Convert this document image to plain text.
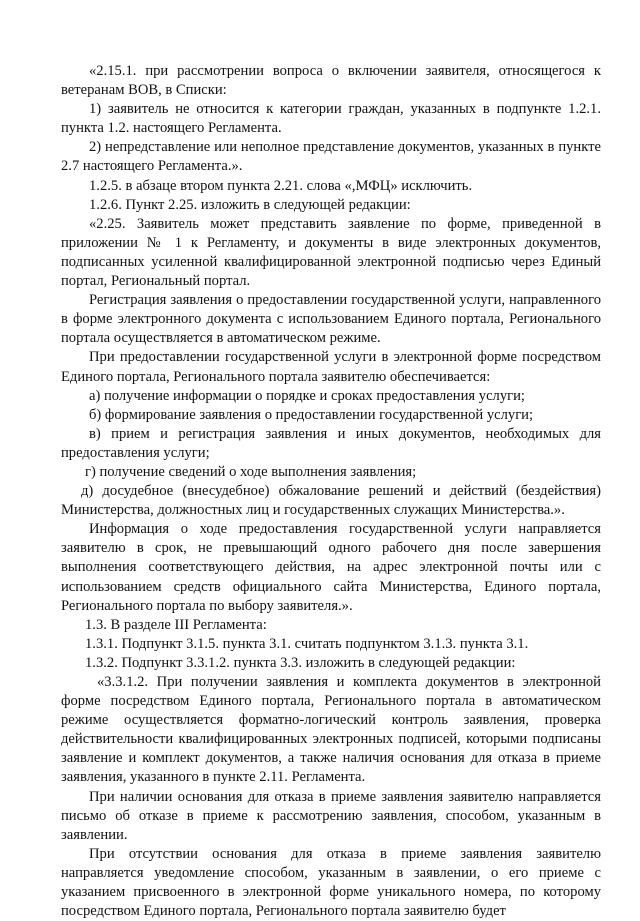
«2.15.1. при рассмотрении вопроса о включении заявителя, относящегося к ветеранам ВОВ, в Списки:

1) заявитель не относится к категории граждан, указанных в подпункте 1.2.1. пункта 1.2. настоящего Регламента.

2) непредставление или неполное представление документов, указанных в пункте 2.7 настоящего Регламента.».

1.2.5. в абзаце втором пункта 2.21. слова «,МФЦ» исключить.

1.2.6. Пункт 2.25. изложить в следующей редакции:

«2.25. Заявитель может представить заявление по форме, приведенной в приложении № 1 к Регламенту, и документы в виде электронных документов, подписанных усиленной квалифицированной электронной подписью через Единый портал, Региональный портал.

Регистрация заявления о предоставлении государственной услуги, направленного в форме электронного документа с использованием Единого портала, Регионального портала осуществляется в автоматическом режиме.

При предоставлении государственной услуги в электронной форме посредством Единого портала, Регионального портала заявителю обеспечивается:

а) получение информации о порядке и сроках предоставления услуги;

б) формирование заявления о предоставлении государственной услуги;

в) прием и регистрация заявления и иных документов, необходимых для предоставления услуги;

г) получение сведений о ходе выполнения заявления;

д) досудебное (внесудебное) обжалование решений и действий (бездействия) Министерства, должностных лиц и государственных служащих Министерства.».

Информация о ходе предоставления государственной услуги направляется заявителю в срок, не превышающий одного рабочего дня после завершения выполнения соответствующего действия, на адрес электронной почты или с использованием средств официального сайта Министерства, Единого портала, Регионального портала по выбору заявителя.».

1.3. В разделе III Регламента:

1.3.1. Подпункт 3.1.5. пункта 3.1. считать подпунктом 3.1.3. пункта 3.1.

1.3.2. Подпункт 3.3.1.2. пункта 3.3. изложить в следующей редакции:

«3.3.1.2. При получении заявления и комплекта документов в электронной форме посредством Единого портала, Регионального портала в автоматическом режиме осуществляется форматно-логический контроль заявления, проверка действительности квалифицированных электронных подписей, которыми подписаны заявление и комплект документов, а также наличия основания для отказа в приеме заявления, указанного в пункте 2.11. Регламента.

При наличии основания для отказа в приеме заявления заявителю направляется письмо об отказе в приеме к рассмотрению заявления, способом, указанным в заявлении.

При отсутствии основания для отказа в приеме заявления заявителю направляется уведомление способом, указанным в заявлении, о его приеме с указанием присвоенного в электронной форме уникального номера, по которому посредством Единого портала, Регионального портала заявителю будет
